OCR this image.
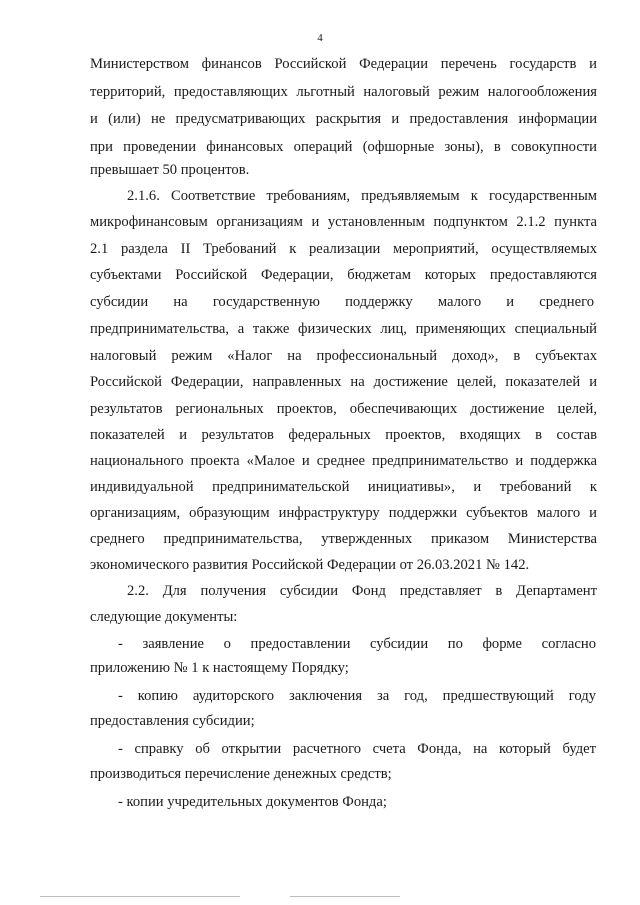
4
Министерством финансов Российской Федерации перечень государств и
территорий, предоставляющих льготный налоговый режим налогообложения
и (или) не предусматривающих раскрытия и предоставления информации
при проведении финансовых операций (офшорные зоны), в совокупности
превышает 50 процентов.
2.1.6. Соответствие требованиям, предъявляемым к государственным
микрофинансовым организациям и установленным подпунктом 2.1.2 пункта
2.1 раздела II Требований к реализации мероприятий, осуществляемых
субъектами Российской Федерации, бюджетам которых предоставляются
субсидии на государственную поддержку малого и среднего
предпринимательства, а также физических лиц, применяющих специальный
налоговый режим «Налог на профессиональный доход», в субъектах
Российской Федерации, направленных на достижение целей, показателей и
результатов региональных проектов, обеспечивающих достижение целей,
показателей и результатов федеральных проектов, входящих в состав
национального проекта «Малое и среднее предпринимательство и поддержка
индивидуальной предпринимательской инициативы», и требований к
организациям, образующим инфраструктуру поддержки субъектов малого и
среднего предпринимательства, утвержденных приказом Министерства
экономического развития Российской Федерации от 26.03.2021 № 142.
2.2. Для получения субсидии Фонд представляет в Департамент
следующие документы:
- заявление о предоставлении субсидии по форме согласно
приложению № 1 к настоящему Порядку;
- копию аудиторского заключения за год, предшествующий году
предоставления субсидии;
- справку об открытии расчетного счета Фонда, на который будет
производиться перечисление денежных средств;
- копии учредительных документов Фонда;
